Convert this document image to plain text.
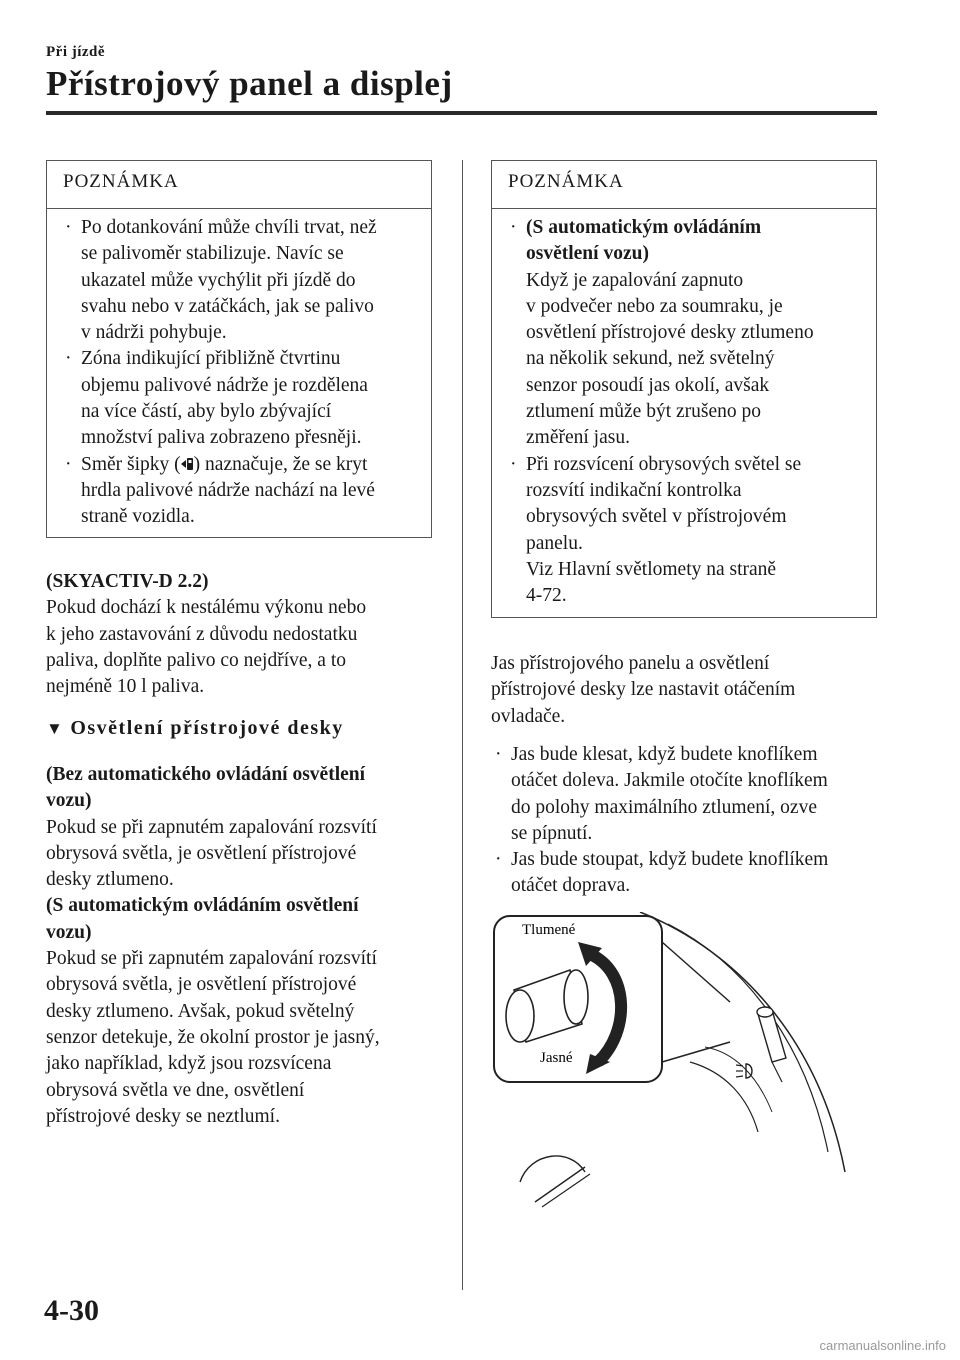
Při jízdě
Přístrojový panel a displej
POZNÁMKA
· Po dotankování může chvíli trvat, než
se palivoměr stabilizuje. Navíc se
ukazatel může vychýlit při jízdě do
svahu nebo v zatáčkách, jak se palivo
v nádrži pohybuje.
· Zóna indikující přibližně čtvrtinu
objemu palivové nádrže je rozdělena
na více částí, aby bylo zbývající
množství paliva zobrazeno přesněji.
· Směr šipky ( ) naznačuje, že se kryt
hrdla palivové nádrže nachází na levé
straně vozidla.
(SKYACTIV-D 2.2)
Pokud dochází k nestálému výkonu nebo
k jeho zastavování z důvodu nedostatku
paliva, doplňte palivo co nejdříve, a to
nejméně 10 l paliva.
▼ Osvětlení přístrojové desky
(Bez automatického ovládání osvětlení
vozu)
Pokud se při zapnutém zapalování rozsvítí
obrysová světla, je osvětlení přístrojové
desky ztlumeno.
(S automatickým ovládáním osvětlení
vozu)
Pokud se při zapnutém zapalování rozsvítí
obrysová světla, je osvětlení přístrojové
desky ztlumeno. Avšak, pokud světelný
senzor detekuje, že okolní prostor je jasný,
jako například, když jsou rozsvícena
obrysová světla ve dne, osvětlení
přístrojové desky se neztlumí.
POZNÁMKA
· (S automatickým ovládáním
osvětlení vozu)
Když je zapalování zapnuto
v podvečer nebo za soumraku, je
osvětlení přístrojové desky ztlumeno
na několik sekund, než světelný
senzor posoudí jas okolí, avšak
ztlumení může být zrušeno po
změření jasu.
· Při rozsvícení obrysových světel se
rozsvítí indikační kontrolka
obrysových světel v přístrojovém
panelu.
Viz Hlavní světlomety na straně
4-72.
Jas přístrojového panelu a osvětlení
přístrojové desky lze nastavit otáčením
ovladače.
· Jas bude klesat, když budete knoflíkem
otáčet doleva. Jakmile otočíte knoflíkem
do polohy maximálního ztlumení, ozve
se pípnutí.
· Jas bude stoupat, když budete knoflíkem
otáčet doprava.
Tlumené
Jasné
4-30
carmanualsonline.info
